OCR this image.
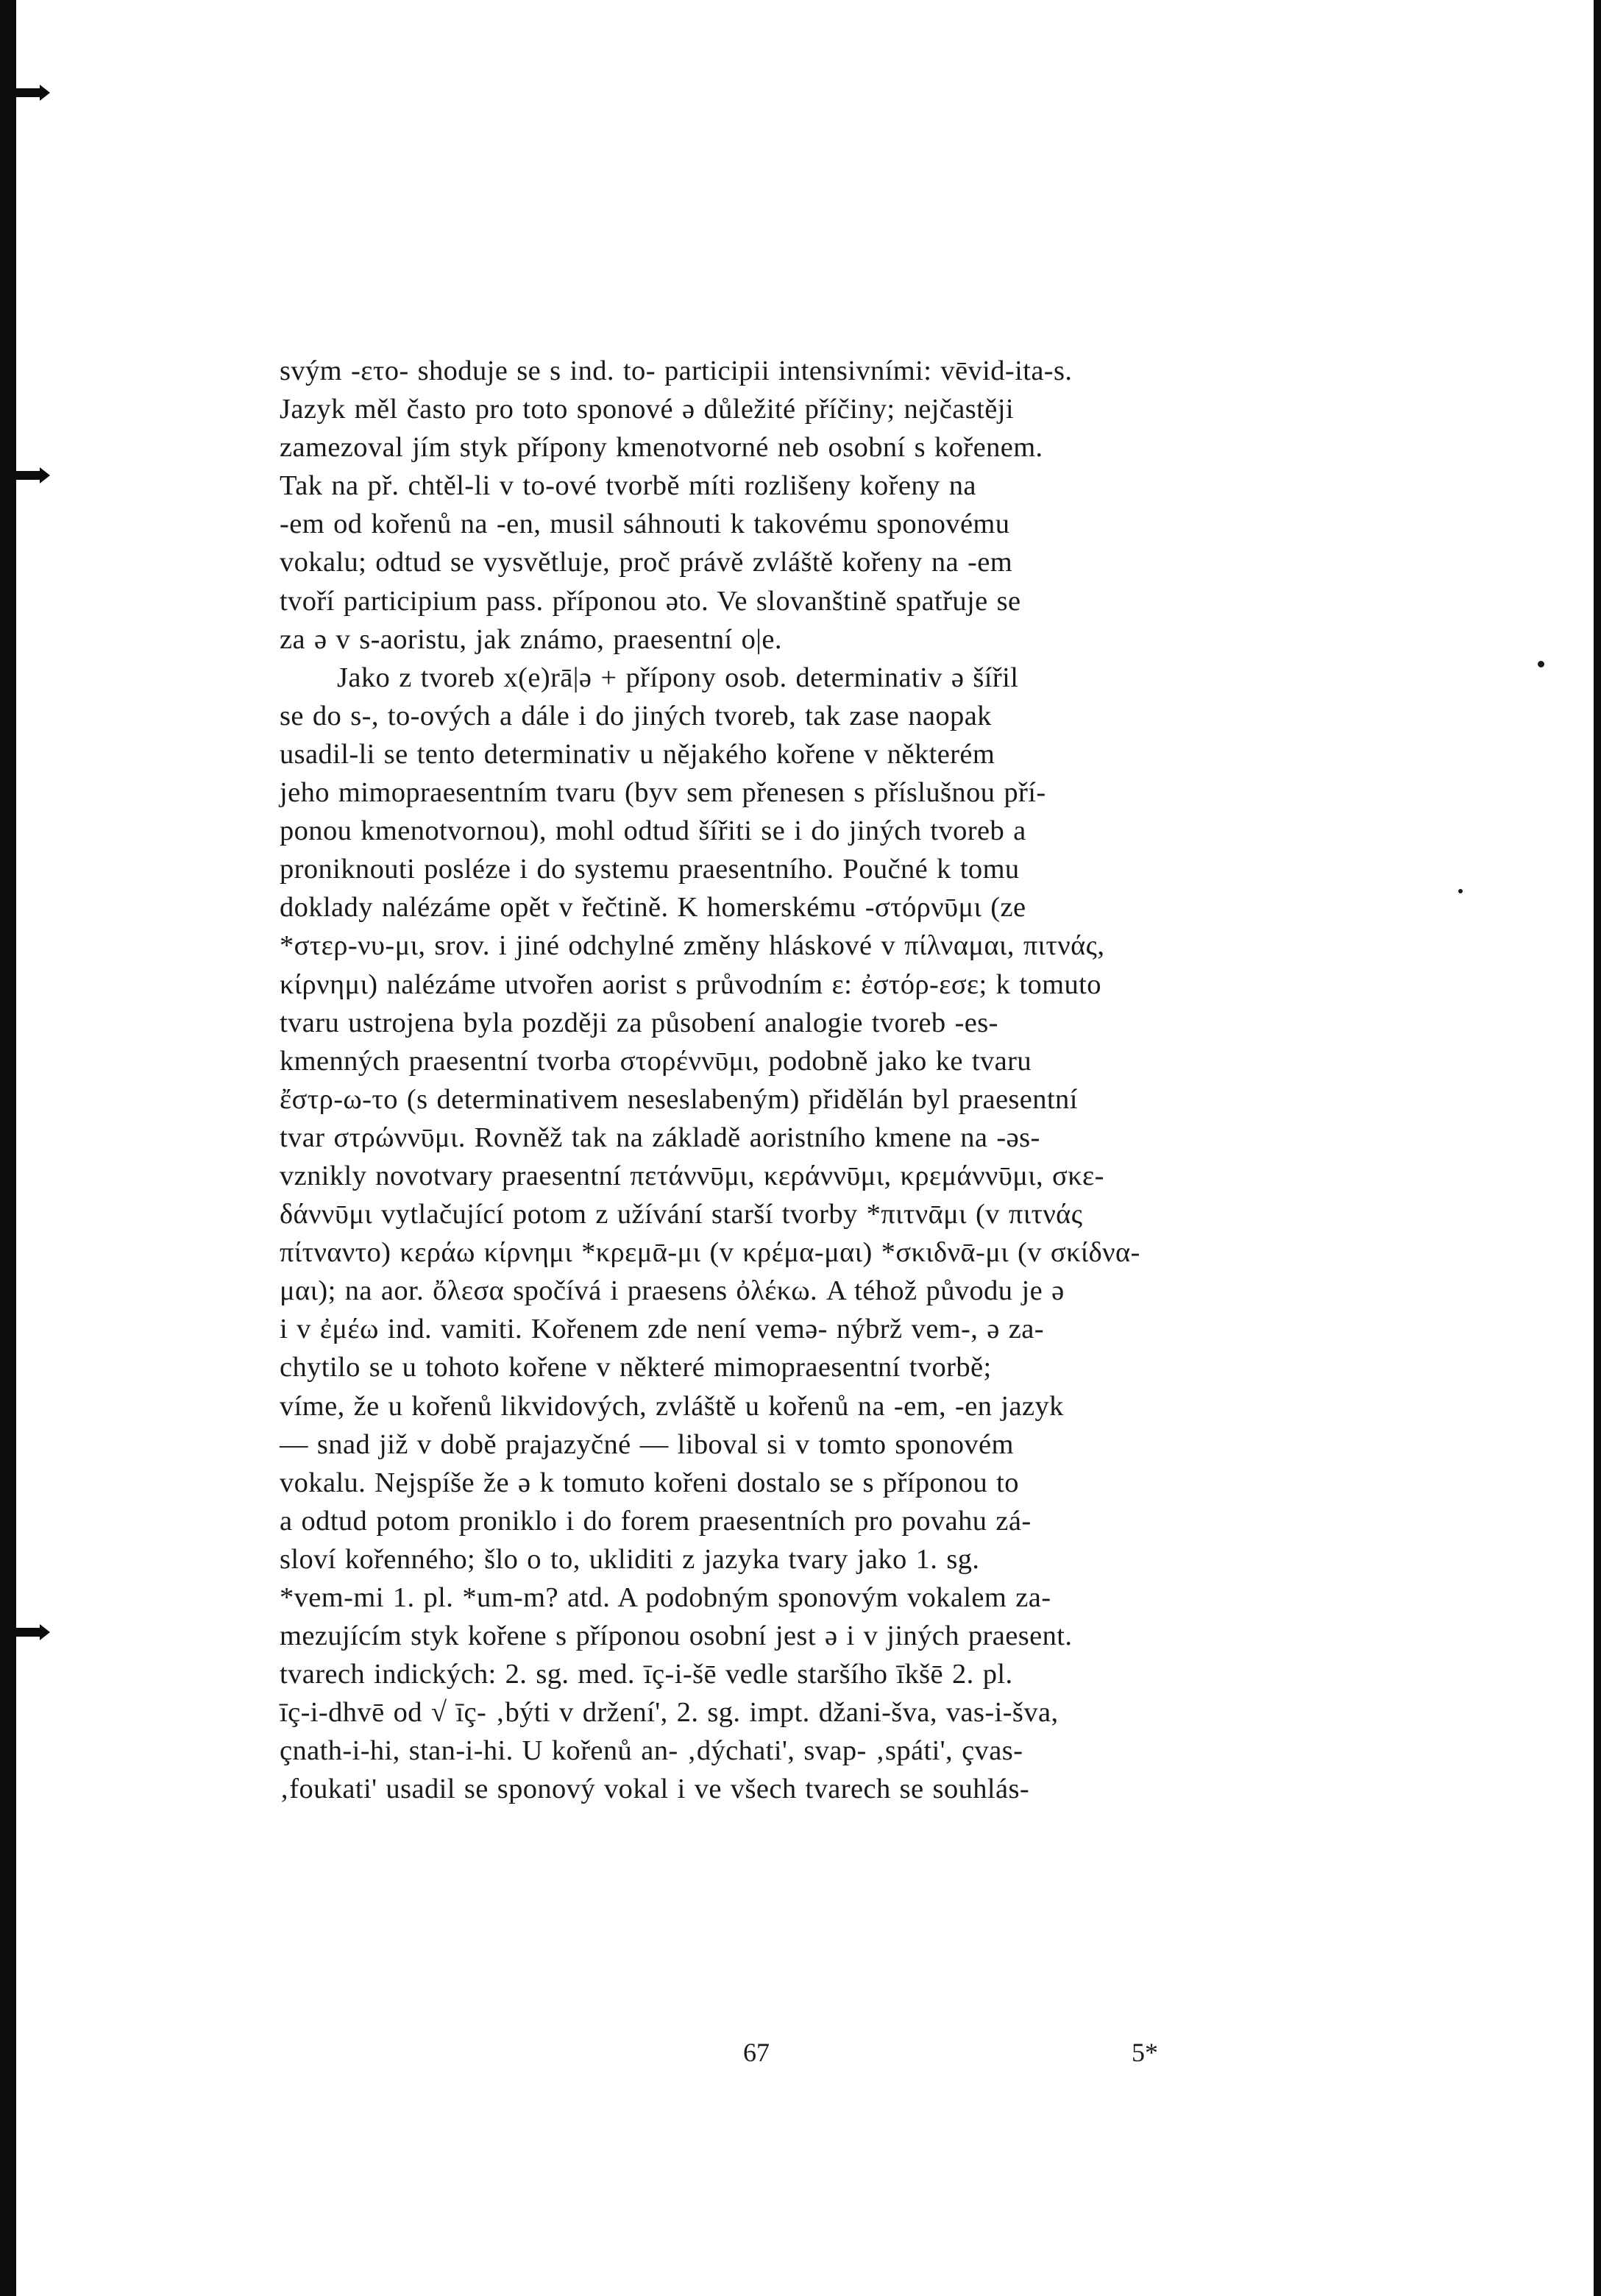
svým -ετο- shoduje se s ind. to- participii intensivními: vēvid-ita-s.
Jazyk měl často pro toto sponové ə důležité příčiny; nejčastěji
zamezoval jím styk přípony kmenotvorné neb osobní s kořenem.
Tak na př. chtěl-li v to-ové tvorbě míti rozlišeny kořeny na
-em od kořenů na -en, musil sáhnouti k takovému sponovému
vokalu; odtud se vysvětluje, proč právě zvláště kořeny na -em
tvoří participium pass. příponou əto. Ve slovanštině spatřuje se
za ə v s-aoristu, jak známo, praesentní o|e.
Jako z tvoreb x(e)rā|ə + přípony osob. determinativ ə šířil
se do s-, to-ových a dále i do jiných tvoreb, tak zase naopak
usadil-li se tento determinativ u nějakého kořene v některém
jeho mimopraesentním tvaru (byv sem přenesen s příslušnou pří-
ponou kmenotvornou), mohl odtud šířiti se i do jiných tvoreb a
proniknouti posléze i do systemu praesentního. Poučné k tomu
doklady nalézáme opět v řečtině. K homerskému -στόρνῡμι (ze
*στερ-νυ-μι, srov. i jiné odchylné změny hláskové v πίλναμαι, πιτνάς,
κίρνημι) nalézáme utvořen aorist s průvodním ε: ἐστόρ-εσε; k tomuto
tvaru ustrojena byla později za působení analogie tvoreb -es-
kmenných praesentní tvorba στορέννῡμι, podobně jako ke tvaru
ἔστρ-ω-το (s determinativem neseslabeným) přidělán byl praesentní
tvar στρώννῡμι. Rovněž tak na základě aoristního kmene na -əs-
vznikly novotvary praesentní πετάννῡμι, κεράννῡμι, κρεμάννῡμι, σκε-
δάννῡμι vytlačující potom z užívání starší tvorby *πιτνᾱμι (v πιτνάς
πίτναντο) κεράω κίρνημι *κρεμᾱ-μι (v κρέμα-μαι) *σκιδνᾱ-μι (v σκίδνα-
μαι); na aor. ὄλεσα spočívá i praesens ὀλέκω. A téhož původu je ə
i v ἐμέω ind. vamiti. Kořenem zde není vemə- nýbrž vem-, ə za-
chytilo se u tohoto kořene v některé mimopraesentní tvorbě;
víme, že u kořenů likvidových, zvláště u kořenů na -em, -en jazyk
— snad již v době prajazyčné — liboval si v tomto sponovém
vokalu. Nejspíše že ə k tomuto kořeni dostalo se s příponou to
a odtud potom proniklo i do forem praesentních pro povahu zá-
sloví kořenného; šlo o to, ukliditi z jazyka tvary jako 1. sg.
*vem-mi 1. pl. *um-m? atd. A podobným sponovým vokalem za-
mezujícím styk kořene s příponou osobní jest ə i v jiných praesent.
tvarech indických: 2. sg. med. īç-i-šē vedle staršího īkšē 2. pl.
īç-i-dhvē od √ īç- ‚býti v držení', 2. sg. impt. džani-šva, vas-i-šva,
çnath-i-hi, stan-i-hi. U kořenů an- ‚dýchati', svap- ‚spáti', çvas-
‚foukati' usadil se sponový vokal i ve všech tvarech se souhlás-
67	5*
